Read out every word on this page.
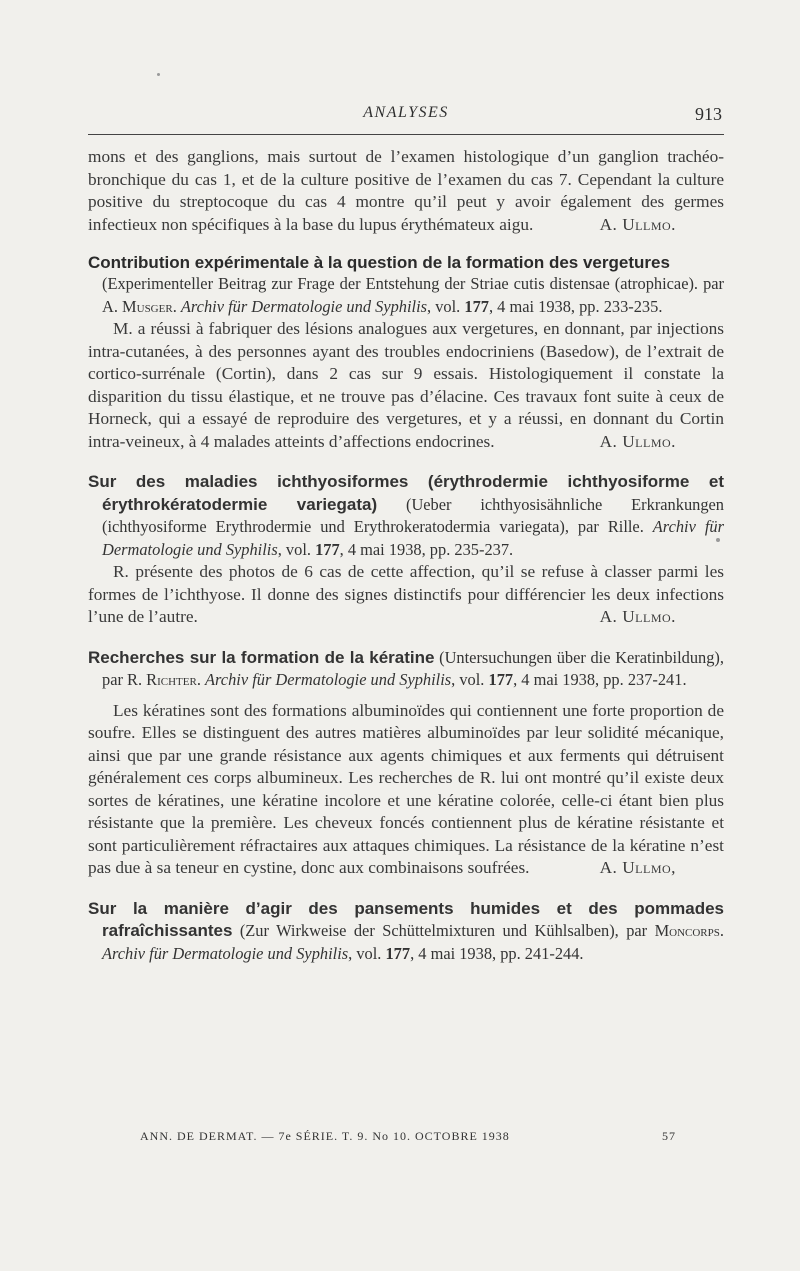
ANALYSES	913

mons et des ganglions, mais surtout de l’examen histologique d’un ganglion trachéo-bronchique du cas 1, et de la culture positive de l’examen du cas 7. Cependant la culture positive du streptocoque du cas 4 montre qu’il peut y avoir également des germes infectieux non spécifiques à la base du lupus érythémateux aigu.	A. Ullmo.

Contribution expérimentale à la question de la formation des vergetures
(Experimenteller Beitrag zur Frage der Entstehung der Striae cutis distensae (atrophicae). par A. Musger. Archiv für Dermatologie und Syphilis, vol. 177, 4 mai 1938, pp. 233-235.

M. a réussi à fabriquer des lésions analogues aux vergetures, en donnant, par injections intra-cutanées, à des personnes ayant des troubles endocriniens (Basedow), de l’extrait de cortico-surrénale (Cortin), dans 2 cas sur 9 essais. Histologiquement il constate la disparition du tissu élastique, et ne trouve pas d’élacine. Ces travaux font suite à ceux de Horneck, qui a essayé de reproduire des vergetures, et y a réussi, en donnant du Cortin intra-veineux, à 4 malades atteints d’affections endocrines.	A. Ullmo.

Sur des maladies ichthyosiformes (érythrodermie ichthyosiforme et érythrokératodermie variegata) (Ueber ichthyosisähnliche Erkrankungen (ichthyosiforme Erythrodermie und Erythrokeratodermia variegata), par Rille. Archiv für Dermatologie und Syphilis, vol. 177, 4 mai 1938, pp. 235-237.

R. présente des photos de 6 cas de cette affection, qu’il se refuse à classer parmi les formes de l’ichthyose. Il donne des signes distinctifs pour différencier les deux infections l’une de l’autre.	A. Ullmo.

Recherches sur la formation de la kératine (Untersuchungen über die Keratinbildung), par R. Richter. Archiv für Dermatologie und Syphilis, vol. 177, 4 mai 1938, pp. 237-241.

Les kératines sont des formations albuminoïdes qui contiennent une forte proportion de soufre. Elles se distinguent des autres matières albuminoïdes par leur solidité mécanique, ainsi que par une grande résistance aux agents chimiques et aux ferments qui détruisent généralement ces corps albumineux. Les recherches de R. lui ont montré qu’il existe deux sortes de kératines, une kératine incolore et une kératine colorée, celle-ci étant bien plus résistante que la première. Les cheveux foncés contiennent plus de kératine résistante et sont particulièrement réfractaires aux attaques chimiques. La résistance de la kératine n’est pas due à sa teneur en cystine, donc aux combinaisons soufrées.	A. Ullmo,

Sur la manière d’agir des pansements humides et des pommades rafraîchissantes (Zur Wirkweise der Schüttelmixturen und Kühlsalben), par Moncorps. Archiv für Dermatologie und Syphilis, vol. 177, 4 mai 1938, pp. 241-244.
ANN. DE DERMAT. — 7e SÉRIE. T. 9. No 10. OCTOBRE 1938	57
